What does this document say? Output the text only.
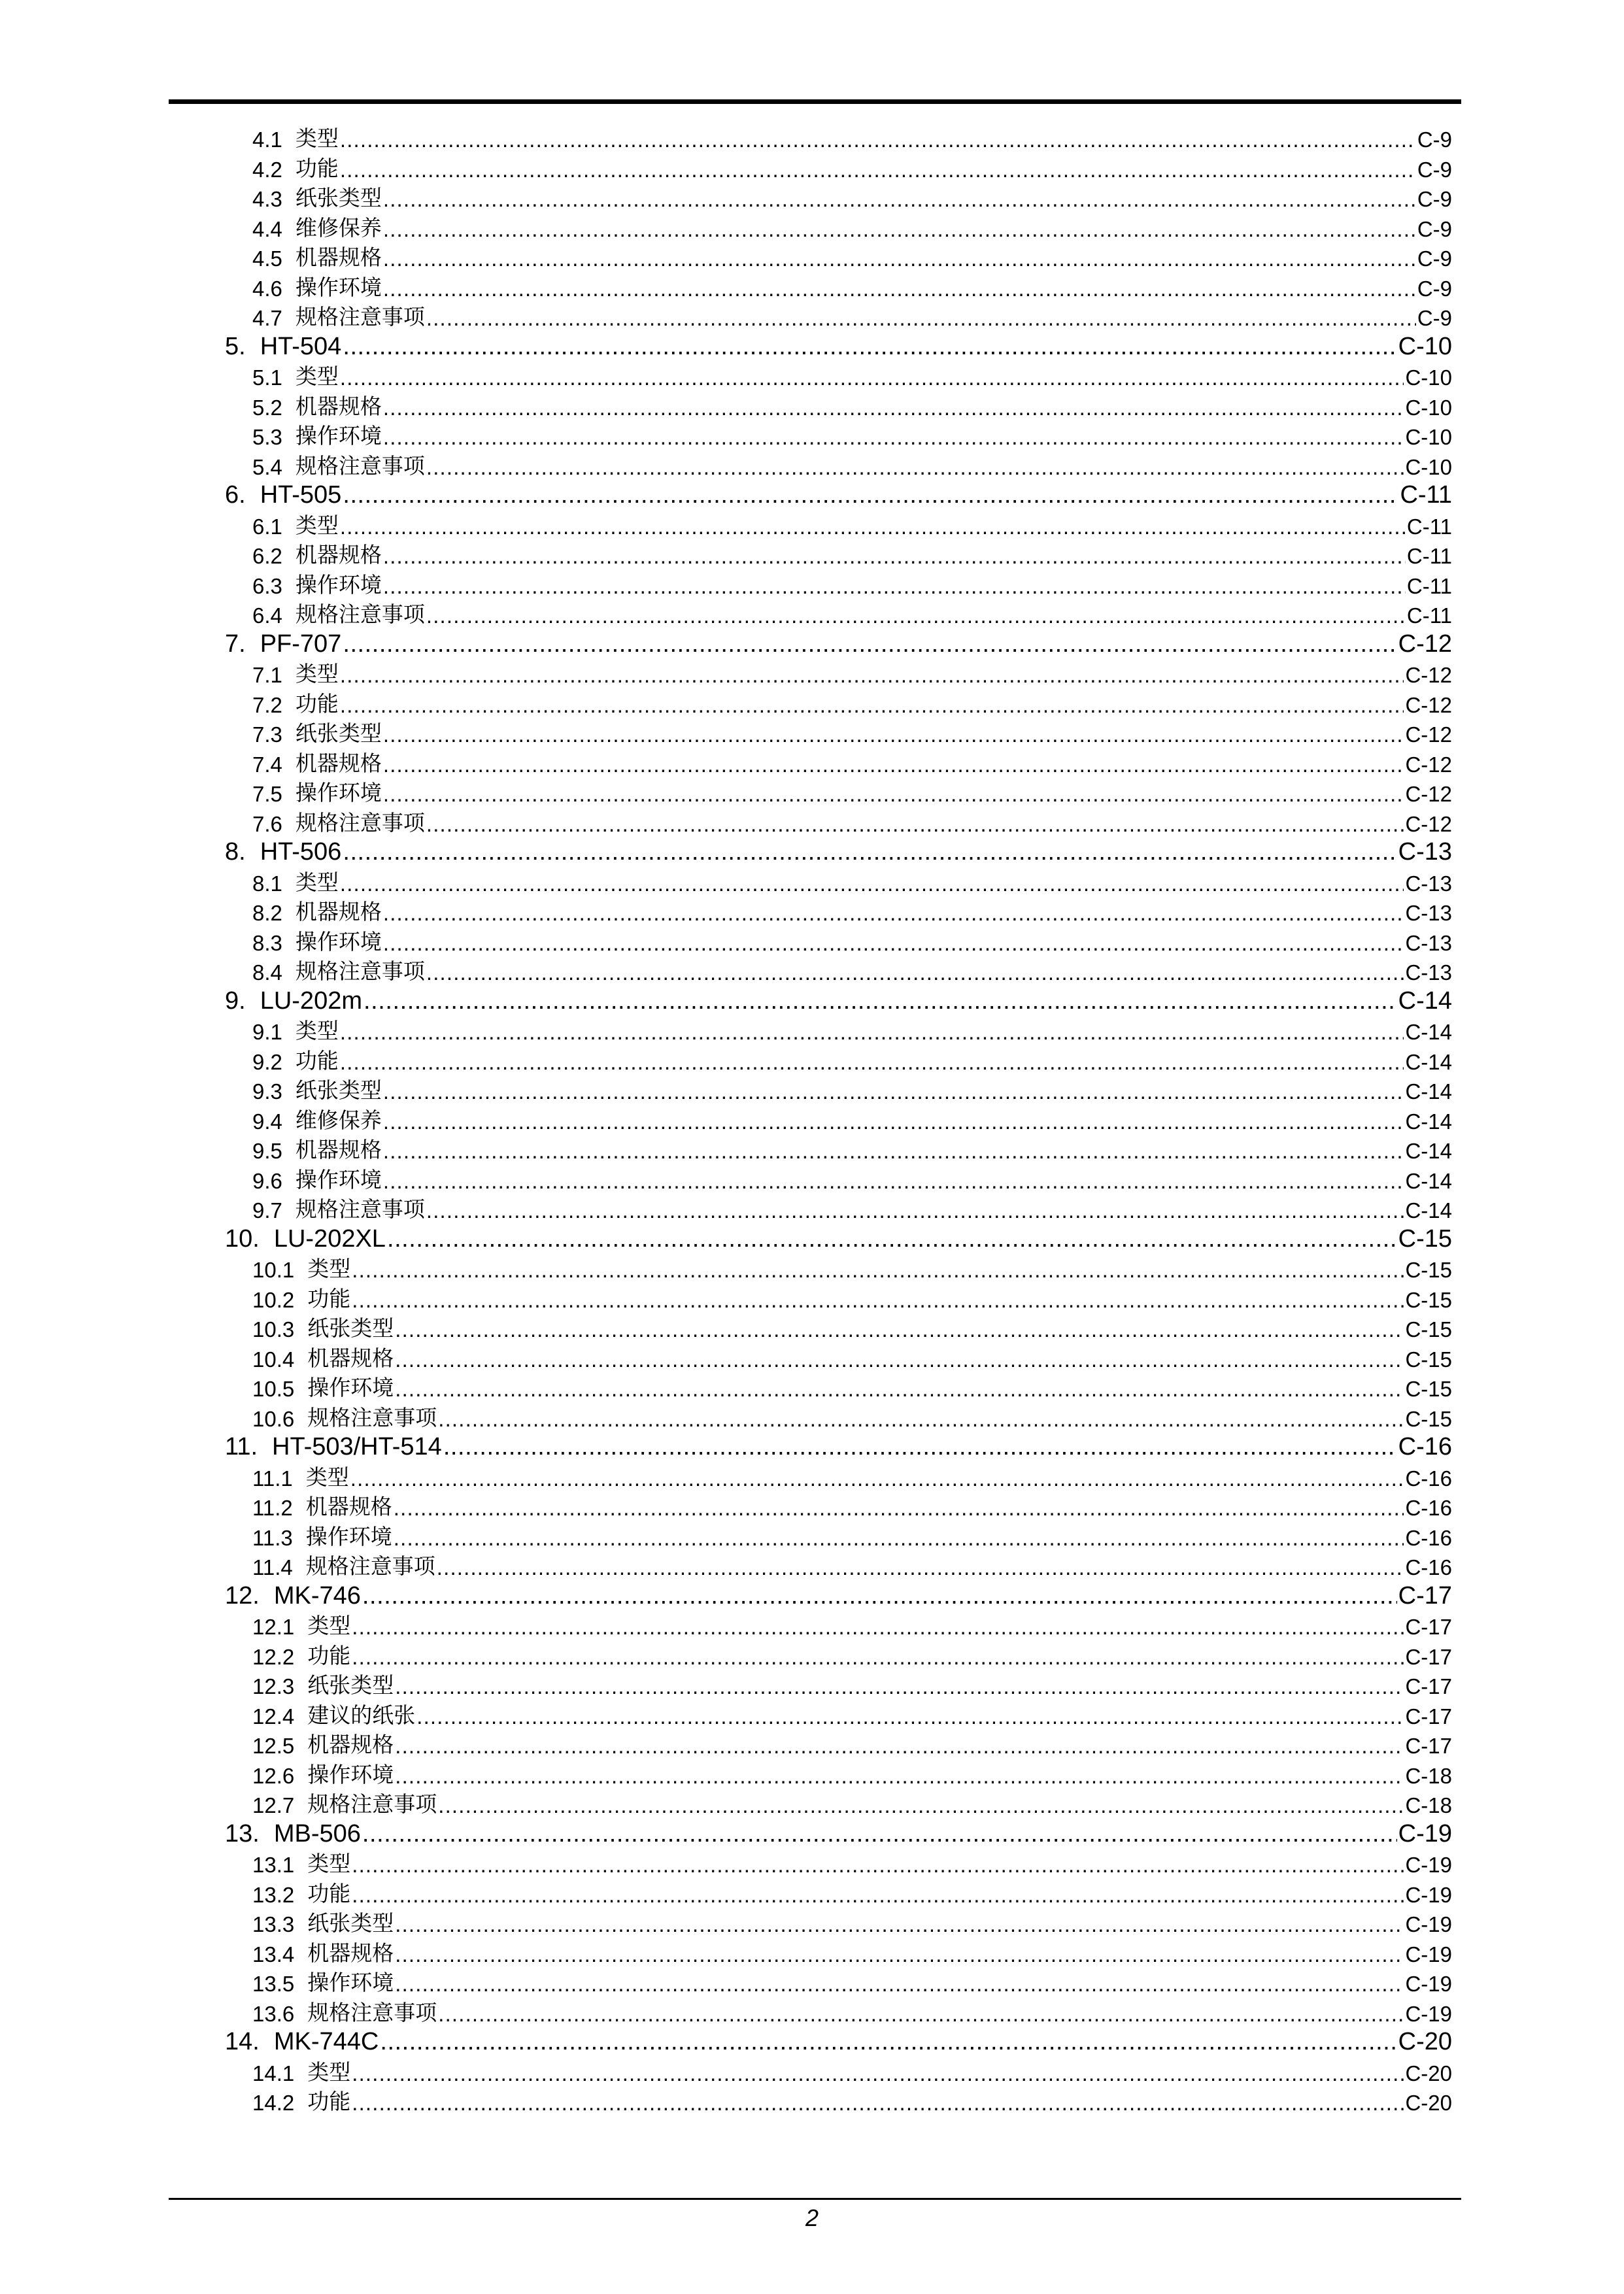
4.1 类型 . . .	C-9
4.2 功能 . . .	C-9
4.3 纸张类型 . . .	C-9
4.4 维修保养 . . .	C-9
4.5 机器规格 . . .	C-9
4.6 操作环境 . . .	C-9
4.7 规格注意事项 . . .	C-9
5. HT-504 . . .	C-10
5.1 类型 . . .	C-10
5.2 机器规格 . . .	C-10
5.3 操作环境 . . .	C-10
5.4 规格注意事项 . . .	C-10
6. HT-505 . . .	C-11
6.1 类型 . . .	C-11
6.2 机器规格 . . .	C-11
6.3 操作环境 . . .	C-11
6.4 规格注意事项 . . .	C-11
7. PF-707 . . .	C-12
7.1 类型 . . .	C-12
7.2 功能 . . .	C-12
7.3 纸张类型 . . .	C-12
7.4 机器规格 . . .	C-12
7.5 操作环境 . . .	C-12
7.6 规格注意事项 . . .	C-12
8. HT-506 . . .	C-13
8.1 类型 . . .	C-13
8.2 机器规格 . . .	C-13
8.3 操作环境 . . .	C-13
8.4 规格注意事项 . . .	C-13
9. LU-202m . . .	C-14
9.1 类型 . . .	C-14
9.2 功能 . . .	C-14
9.3 纸张类型 . . .	C-14
9.4 维修保养 . . .	C-14
9.5 机器规格 . . .	C-14
9.6 操作环境 . . .	C-14
9.7 规格注意事项 . . .	C-14
10. LU-202XL . . .	C-15
10.1 类型 . . .	C-15
10.2 功能 . . .	C-15
10.3 纸张类型 . . .	C-15
10.4 机器规格 . . .	C-15
10.5 操作环境 . . .	C-15
10.6 规格注意事项 . . .	C-15
11. HT-503/HT-514 . . .	C-16
11.1 类型 . . .	C-16
11.2 机器规格 . . .	C-16
11.3 操作环境 . . .	C-16
11.4 规格注意事项 . . .	C-16
12. MK-746 . . .	C-17
12.1 类型 . . .	C-17
12.2 功能 . . .	C-17
12.3 纸张类型 . . .	C-17
12.4 建议的纸张 . . .	C-17
12.5 机器规格 . . .	C-17
12.6 操作环境 . . .	C-18
12.7 规格注意事项 . . .	C-18
13. MB-506 . . .	C-19
13.1 类型 . . .	C-19
13.2 功能 . . .	C-19
13.3 纸张类型 . . .	C-19
13.4 机器规格 . . .	C-19
13.5 操作环境 . . .	C-19
13.6 规格注意事项 . . .	C-19
14. MK-744C . . .	C-20
14.1 类型 . . .	C-20
14.2 功能 . . .	C-20
2
